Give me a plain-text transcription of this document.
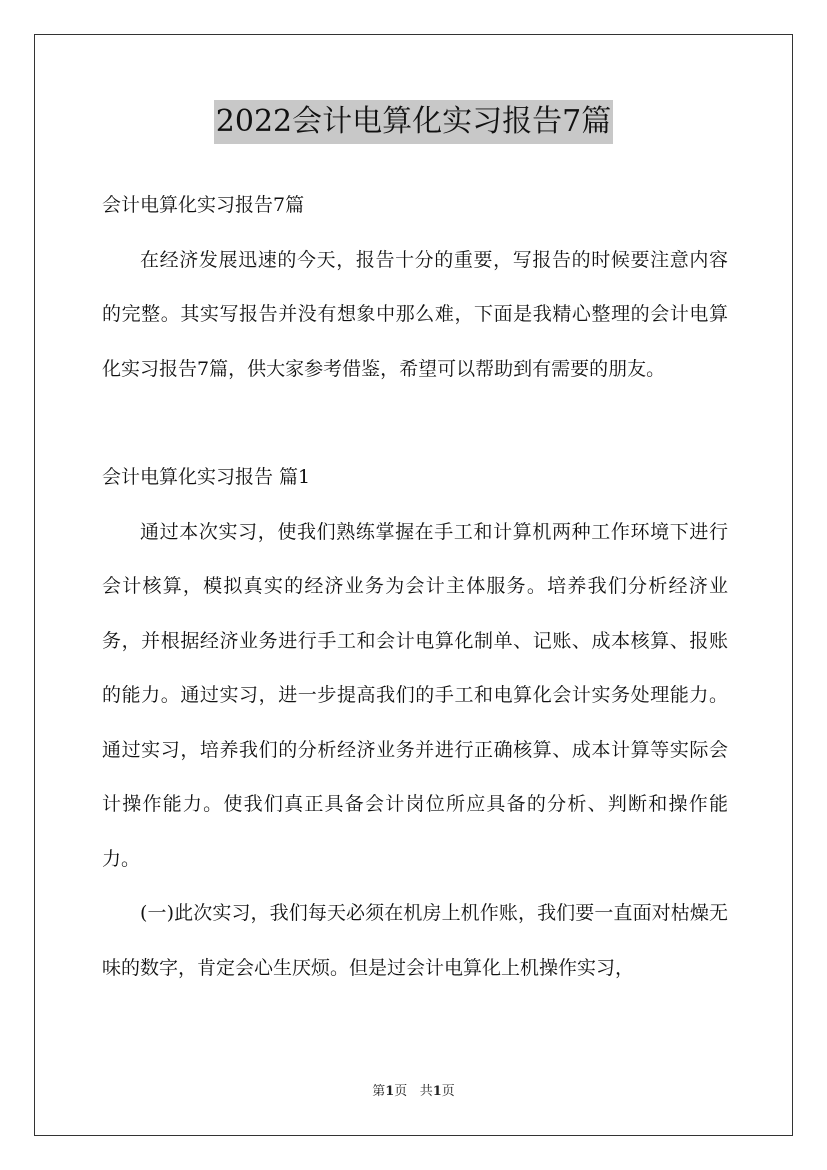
2022会计电算化实习报告7篇

会计电算化实习报告7篇

在经济发展迅速的今天，报告十分的重要，写报告的时候要注意内容的完整。其实写报告并没有想象中那么难，下面是我精心整理的会计电算化实习报告7篇，供大家参考借鉴，希望可以帮助到有需要的朋友。

会计电算化实习报告 篇1

通过本次实习，使我们熟练掌握在手工和计算机两种工作环境下进行会计核算，模拟真实的经济业务为会计主体服务。培养我们分析经济业务，并根据经济业务进行手工和会计电算化制单、记账、成本核算、报账的能力。通过实习，进一步提高我们的手工和电算化会计实务处理能力。通过实习，培养我们的分析经济业务并进行正确核算、成本计算等实际会计操作能力。使我们真正具备会计岗位所应具备的分析、判断和操作能力。

(一)此次实习，我们每天必须在机房上机作账，我们要一直面对枯燥无味的数字，肯定会心生厌烦。但是过会计电算化上机操作实习，

第1页 共1页
